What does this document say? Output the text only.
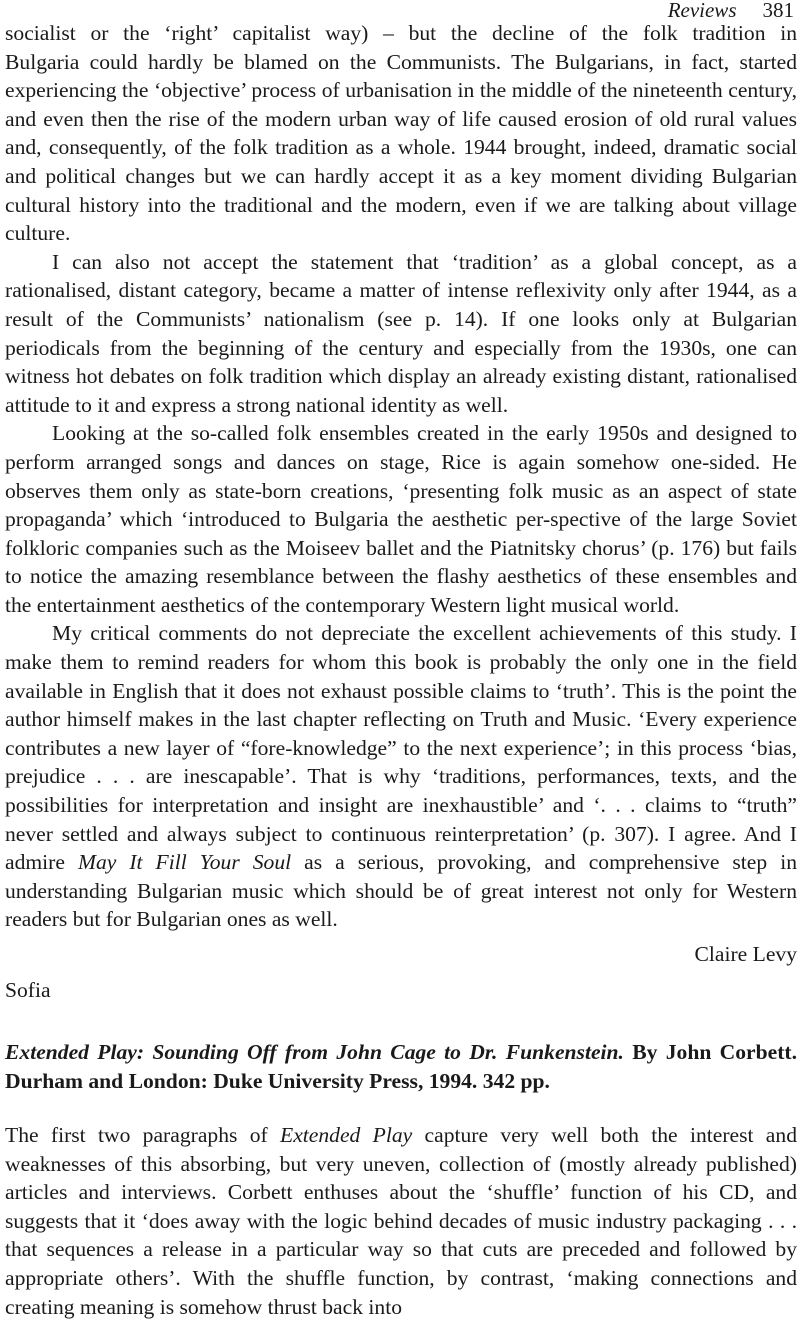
Reviews 381

socialist or the ‘right’ capitalist way) – but the decline of the folk tradition in
Bulgaria could hardly be blamed on the Communists. The Bulgarians, in fact, started experiencing the ‘objective’ process of urbanisation in the middle of the nineteenth century, and even then the rise of the modern urban way of life caused erosion of old rural values and, consequently, of the folk tradition as a whole. 1944 brought, indeed, dramatic social and political changes but we can hardly accept it as a key moment dividing Bulgarian cultural history into the traditional and the modern, even if we are talking about village culture.

I can also not accept the statement that ‘tradition’ as a global concept, as a rationalised, distant category, became a matter of intense reflexivity only after 1944, as a result of the Communists’ nationalism (see p. 14). If one looks only at Bulgarian periodicals from the beginning of the century and especially from the 1930s, one can witness hot debates on folk tradition which display an already existing distant, rationalised attitude to it and express a strong national identity as well.

Looking at the so-called folk ensembles created in the early 1950s and designed to perform arranged songs and dances on stage, Rice is again somehow one-sided. He observes them only as state-born creations, ‘presenting folk music as an aspect of state propaganda’ which ‘introduced to Bulgaria the aesthetic per-spective of the large Soviet folkloric companies such as the Moiseev ballet and the Piatnitsky chorus’ (p. 176) but fails to notice the amazing resemblance between the flashy aesthetics of these ensembles and the entertainment aesthetics of the contemporary Western light musical world.

My critical comments do not depreciate the excellent achievements of this study. I make them to remind readers for whom this book is probably the only one in the field available in English that it does not exhaust possible claims to ‘truth’. This is the point the author himself makes in the last chapter reflecting on Truth and Music. ‘Every experience contributes a new layer of “fore-knowledge” to the next experience’; in this process ‘bias, prejudice . . . are inescapable’. That is why ‘traditions, performances, texts, and the possibilities for interpretation and insight are inexhaustible’ and ‘. . . claims to “truth” never settled and always subject to continuous reinterpretation’ (p. 307). I agree. And I admire May It Fill Your Soul as a serious, provoking, and comprehensive step in understanding Bulgarian music which should be of great interest not only for Western readers but for Bulgarian ones as well.

Claire Levy

Sofia

Extended Play: Sounding Off from John Cage to Dr. Funkenstein. By John Corbett. Durham and London: Duke University Press, 1994. 342 pp.

The first two paragraphs of Extended Play capture very well both the interest and weaknesses of this absorbing, but very uneven, collection of (mostly already published) articles and interviews. Corbett enthuses about the ‘shuffle’ function of his CD, and suggests that it ‘does away with the logic behind decades of music industry packaging . . . that sequences a release in a particular way so that cuts are preceded and followed by appropriate others’. With the shuffle function, by contrast, ‘making connections and creating meaning is somehow thrust back into
